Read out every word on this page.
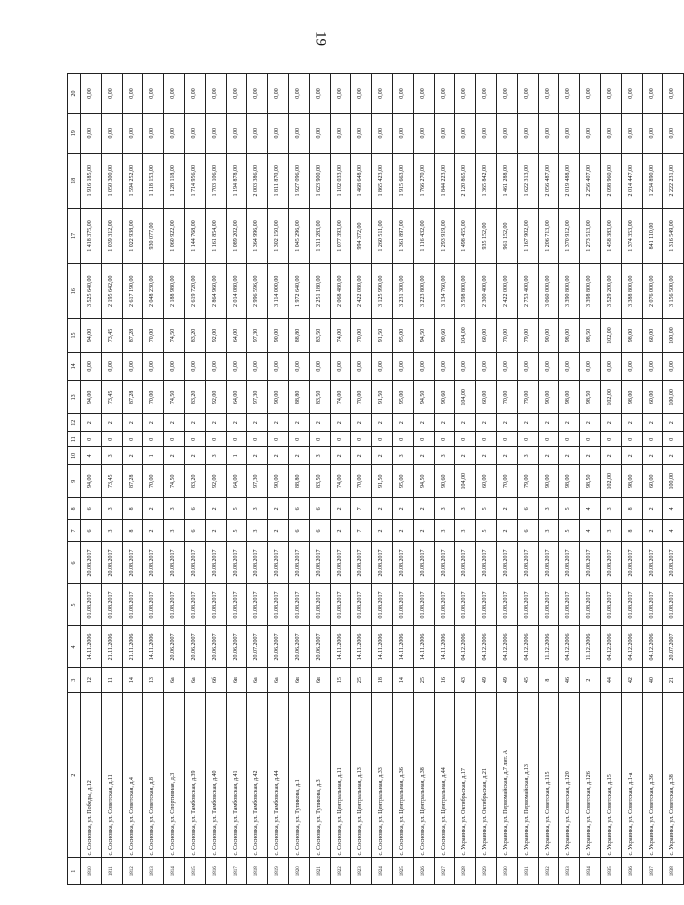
19
1	2	3	4	5	6	7	8	9	10	11	12	13	14	15	16	17	18	19	20
1810	с. Сосновка, ул. Победы, д.12	12	14.11.2006	01.08.2017	20.08.2017	6	6	94,00	4	0	2	94,00	0,00	94,00	3 525 640,00	1 418 375,00	1 916 185,00	0,00	0,00
1811	с. Сосновка, ул. Советская, д.11	11	21.11.2006	01.08.2017	20.08.2017	3	3	73,45	3	0	2	73,45	0,00	73,45	2 195 642,00	1 039 312,00	1 050 300,00	0,00	0,00
1812	с. Сосновка, ул. Советская, д.4	14	21.11.2006	01.08.2017	20.08.2017	8	8	87,28	2	0	2	87,28	0,00	87,28	2 617 190,00	1 022 938,00	1 594 252,00	0,00	0,00
1813	с. Сосновка, ул. Советская, д.8	13	14.11.2006	01.08.2017	20.08.2017	2	2	70,00	1	0	2	70,00	0,00	70,00	2 048 230,00	930 077,00	1 118 153,00	0,00	0,00
1814	с. Сосновка, ул. Спортивная, д.3	6а	20.06.2007	01.08.2017	20.08.2017	3	3	74,50	2	0	2	74,50	0,00	74,50	2 188 980,00	1 060 922,00	1 128 118,00	0,00	0,00
1815	с. Сосновка, ул. Тамбовская, д.39	6а	20.06.2007	01.08.2017	20.08.2017	6	6	83,20	2	0	2	83,20	0,00	83,20	2 619 720,00	1 144 768,00	1 714 956,00	0,00	0,00
1816	с. Сосновка, ул. Тамбовская, д.40	6б	20.06.2007	01.08.2017	20.08.2017	2	2	92,00	3	0	2	92,00	0,00	92,00	2 864 960,00	1 161 854,00	1 703 106,00	0,00	0,00
1817	с. Сосновка, ул. Тамбовская, д.41	6в	20.06.2007	01.08.2017	20.08.2017	5	5	64,00	1	0	2	64,00	0,00	64,00	2 014 080,00	1 089 202,00	1 194 878,00	0,00	0,00
1818	с. Сосновка, ул. Тамбовская, д.42	6а	20.07.2007	01.08.2017	20.08.2017	3	3	97,30	2	0	2	97,30	0,00	97,30	2 996 596,00	1 364 996,00	2 003 386,00	0,00	0,00
1819	с. Сосновка, ул. Тамбовская, д.44	6а	20.06.2007	01.08.2017	20.08.2017	2	2	90,00	2	0	2	90,00	0,00	90,00	3 114 000,00	1 302 150,00	1 811 870,00	0,00	0,00
1820	с. Сосновка, ул. Тупикова, д.1	6в	20.06.2007	01.08.2017	20.08.2017	6	6	88,80	2	0	2	88,80	0,00	88,80	1 972 640,00	1 045 296,00	1 927 096,00	0,00	0,00
1821	с. Сосновка, ул. Тупикова, д.3	6в	20.06.2007	01.08.2017	20.08.2017	6	6	83,50	3	0	2	83,50	0,00	83,50	2 251 180,00	1 311 283,00	1 623 900,00	0,00	0,00
1822	с. Сосновка, ул. Центральная, д.11	15	14.11.2006	01.08.2017	20.08.2017	2	2	74,00	2	0	2	74,00	0,00	74,00	2 068 480,00	1 077 393,00	1 102 033,00	0,00	0,00
1823	с. Сосновка, ул. Центральная, д.13	25	14.11.2006	01.08.2017	20.08.2017	7	7	70,00	2	0	2	70,00	0,00	70,00	2 422 080,00	994 372,00	1 468 648,00	0,00	0,00
1824	с. Сосновка, ул. Центральная, д.33	18	14.11.2006	01.08.2017	20.08.2017	2	2	91,50	2	0	2	91,50	0,00	91,50	3 125 990,00	1 260 511,00	1 865 423,00	0,00	0,00
1825	с. Сосновка, ул. Центральная, д.36	14	14.11.2006	01.08.2017	20.08.2017	2	2	95,00	3	0	2	95,00	0,00	95,00	3 231 300,00	1 361 897,00	1 915 663,00	0,00	0,00
1826	с. Сосновка, ул. Центральная, д.38	25	14.11.2006	01.08.2017	20.08.2017	2	2	94,50	2	0	2	94,50	0,00	94,50	3 223 800,00	1 116 432,00	1 766 270,00	0,00	0,00
1827	с. Сосновка, ул. Центральная, д.44	16	14.11.2006	01.08.2017	20.08.2017	3	3	90,60	3	0	2	90,60	0,00	90,60	3 134 760,00	1 293 919,00	1 844 223,00	0,00	0,00
1828	с. Украинка, ул. Октябрьская, д.17	43	04.12.2006	01.08.2017	20.08.2017	3	3	104,00	2	0	2	104,00	0,00	104,00	3 598 800,00	1 498 455,00	2 120 865,00	0,00	0,00
1829	с. Украинка, ул. Октябрьская, д.21	49	04.12.2006	01.08.2017	20.08.2017	5	5	60,00	2	0	2	60,00	0,00	60,00	2 300 400,00	935 152,00	1 365 842,00	0,00	0,00
1830	с. Украинка, ул. Первомайская, д.7 лит. А	49	04.12.2006	01.08.2017	20.08.2017	2	2	70,00	2	0	2	70,00	0,00	70,00	2 422 000,00	961 152,00	1 461 288,00	0,00	0,00
1831	с. Украинка, ул. Первомайская, д.13	45	04.12.2006	01.08.2017	20.08.2017	6	6	79,00	3	0	2	79,00	0,00	79,00	2 753 400,00	1 167 902,00	1 622 313,00	0,00	0,00
1832	с. Украинка, ул. Советская, д.115	8	11.12.2006	01.08.2017	20.08.2017	3	3	90,00	2	0	2	90,00	0,00	90,00	3 060 000,00	1 206 713,00	2 056 487,00	0,00	0,00
1833	с. Украинка, ул. Советская, д.120	46	04.12.2006	01.08.2017	20.08.2017	5	5	98,00	2	0	2	98,00	0,00	98,00	3 390 800,00	1 370 912,00	2 019 488,00	0,00	0,00
1834	с. Украинка, ул. Советская, д.126	2	11.12.2006	01.08.2017	20.08.2017	4	4	98,50	2	0	2	98,50	0,00	98,50	3 398 800,00	1 273 513,00	2 256 407,00	0,00	0,00
1835	с. Украинка, ул. Советская, д.15	44	04.12.2006	01.08.2017	20.08.2017	3	3	102,00	2	0	2	102,00	0,00	102,00	3 529 200,00	1 458 383,00	2 098 960,00	0,00	0,00
1836	с. Украинка, ул. Советская, д.1-а	42	04.12.2006	01.08.2017	20.08.2017	8	8	98,00	2	0	2	98,00	0,00	98,00	3 388 800,00	1 374 353,00	2 014 447,00	0,00	0,00
1837	с. Украинка, ул. Советская, д.36	40	04.12.2006	01.08.2017	20.08.2017	2	2	60,00	2	0	2	60,00	0,00	60,00	2 076 000,00	841 110,00	1 234 890,00	0,00	0,00
1838	с. Украинка, ул. Советская, д.38	21	20.07.2007	01.08.2017	20.08.2017	4	4	100,00	2	0	2	100,00	0,00	100,00	3 156 500,00	1 316 549,00	2 222 231,00	0,00	0,00
